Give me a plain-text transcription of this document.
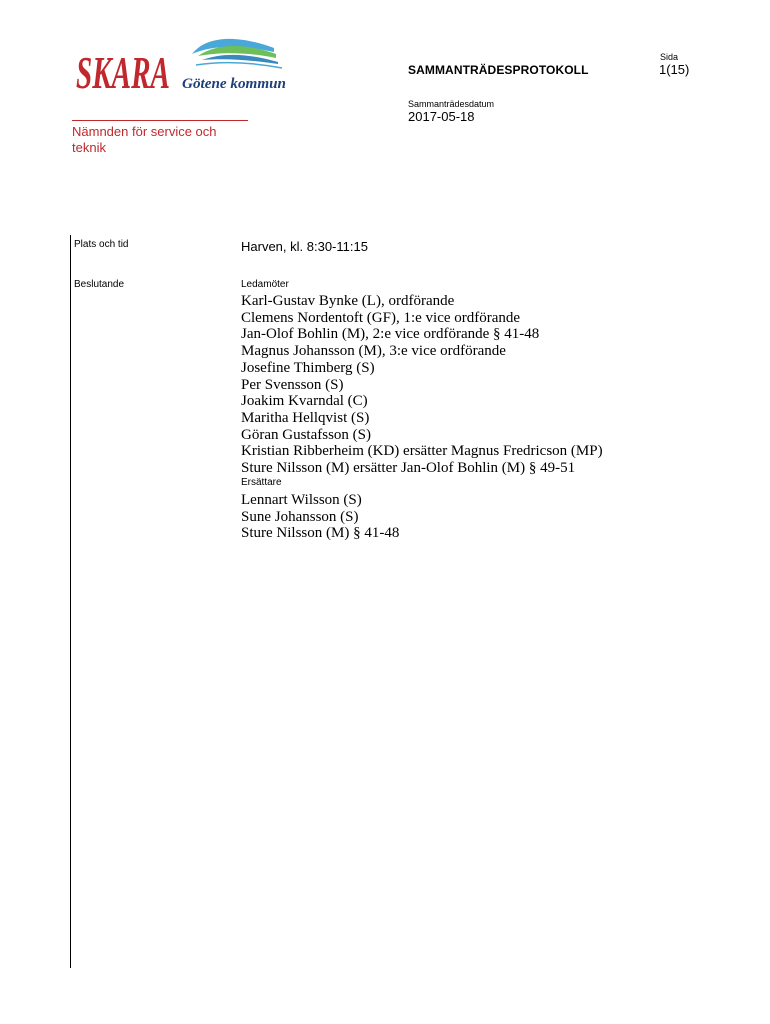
SKARA Götene kommun
Sida
1(15)
SAMMANTRÄDESPROTOKOLL
Sammanträdesdatum
2017-05-18
Nämnden för service och teknik
Plats och tid	Harven, kl. 8:30-11:15
Beslutande	Ledamöter
Karl-Gustav Bynke (L), ordförande
Clemens Nordentoft (GF), 1:e vice ordförande
Jan-Olof Bohlin (M), 2:e vice ordförande § 41-48
Magnus Johansson (M), 3:e vice ordförande
Josefine Thimberg (S)
Per Svensson (S)
Joakim Kvarndal (C)
Maritha Hellqvist (S)
Göran Gustafsson (S)
Kristian Ribberheim (KD) ersätter Magnus Fredricson (MP)
Sture Nilsson (M) ersätter Jan-Olof Bohlin (M) § 49-51
Ersättare
Lennart Wilsson (S)
Sune Johansson (S)
Sture Nilsson (M) § 41-48
